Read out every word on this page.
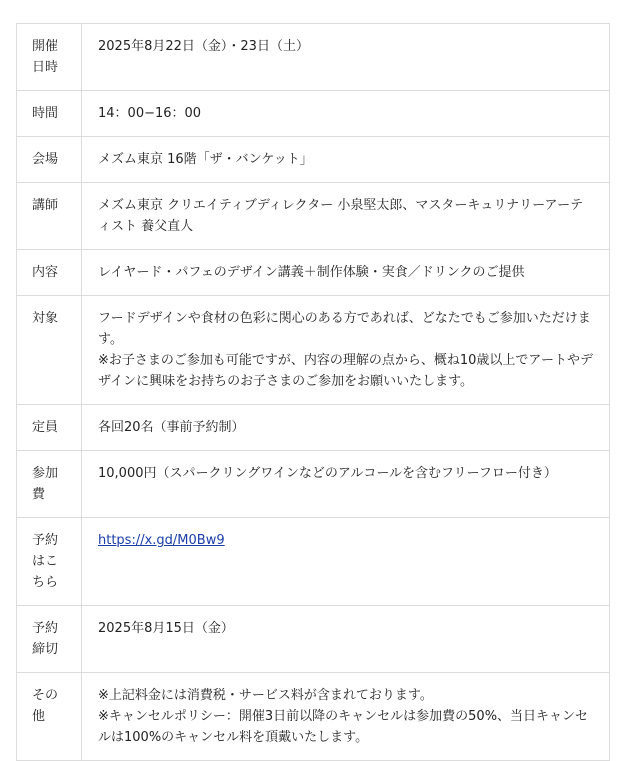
開催日時	2025年8月22日（金）・23日（土）

時間	14：00−16：00

会場	メズム東京 16階「ザ・バンケット」

講師	メズム東京 クリエイティブディレクター 小泉堅太郎、マスターキュリナリーアーティスト 養父直人

内容	レイヤード・パフェのデザイン講義＋制作体験・実食／ドリンクのご提供

対象	フードデザインや食材の色彩に関心のある方であれば、どなたでもご参加いただけます。
※お子さまのご参加も可能ですが、内容の理解の点から、概ね10歳以上でアートやデザインに興味をお持ちのお子さまのご参加をお願いいたします。

定員	各回20名（事前予約制）

参加費	10,000円（スパークリングワインなどのアルコールを含むフリーフロー付き）

予約はこちら	https://x.gd/M0Bw9
予約締切	2025年8月15日（金）

その他	※上記料金には消費税・サービス料が含まれております。
※キャンセルポリシー：開催3日前以降のキャンセルは参加費の50%、当日キャンセルは100%のキャンセル料を頂戴いたします。
